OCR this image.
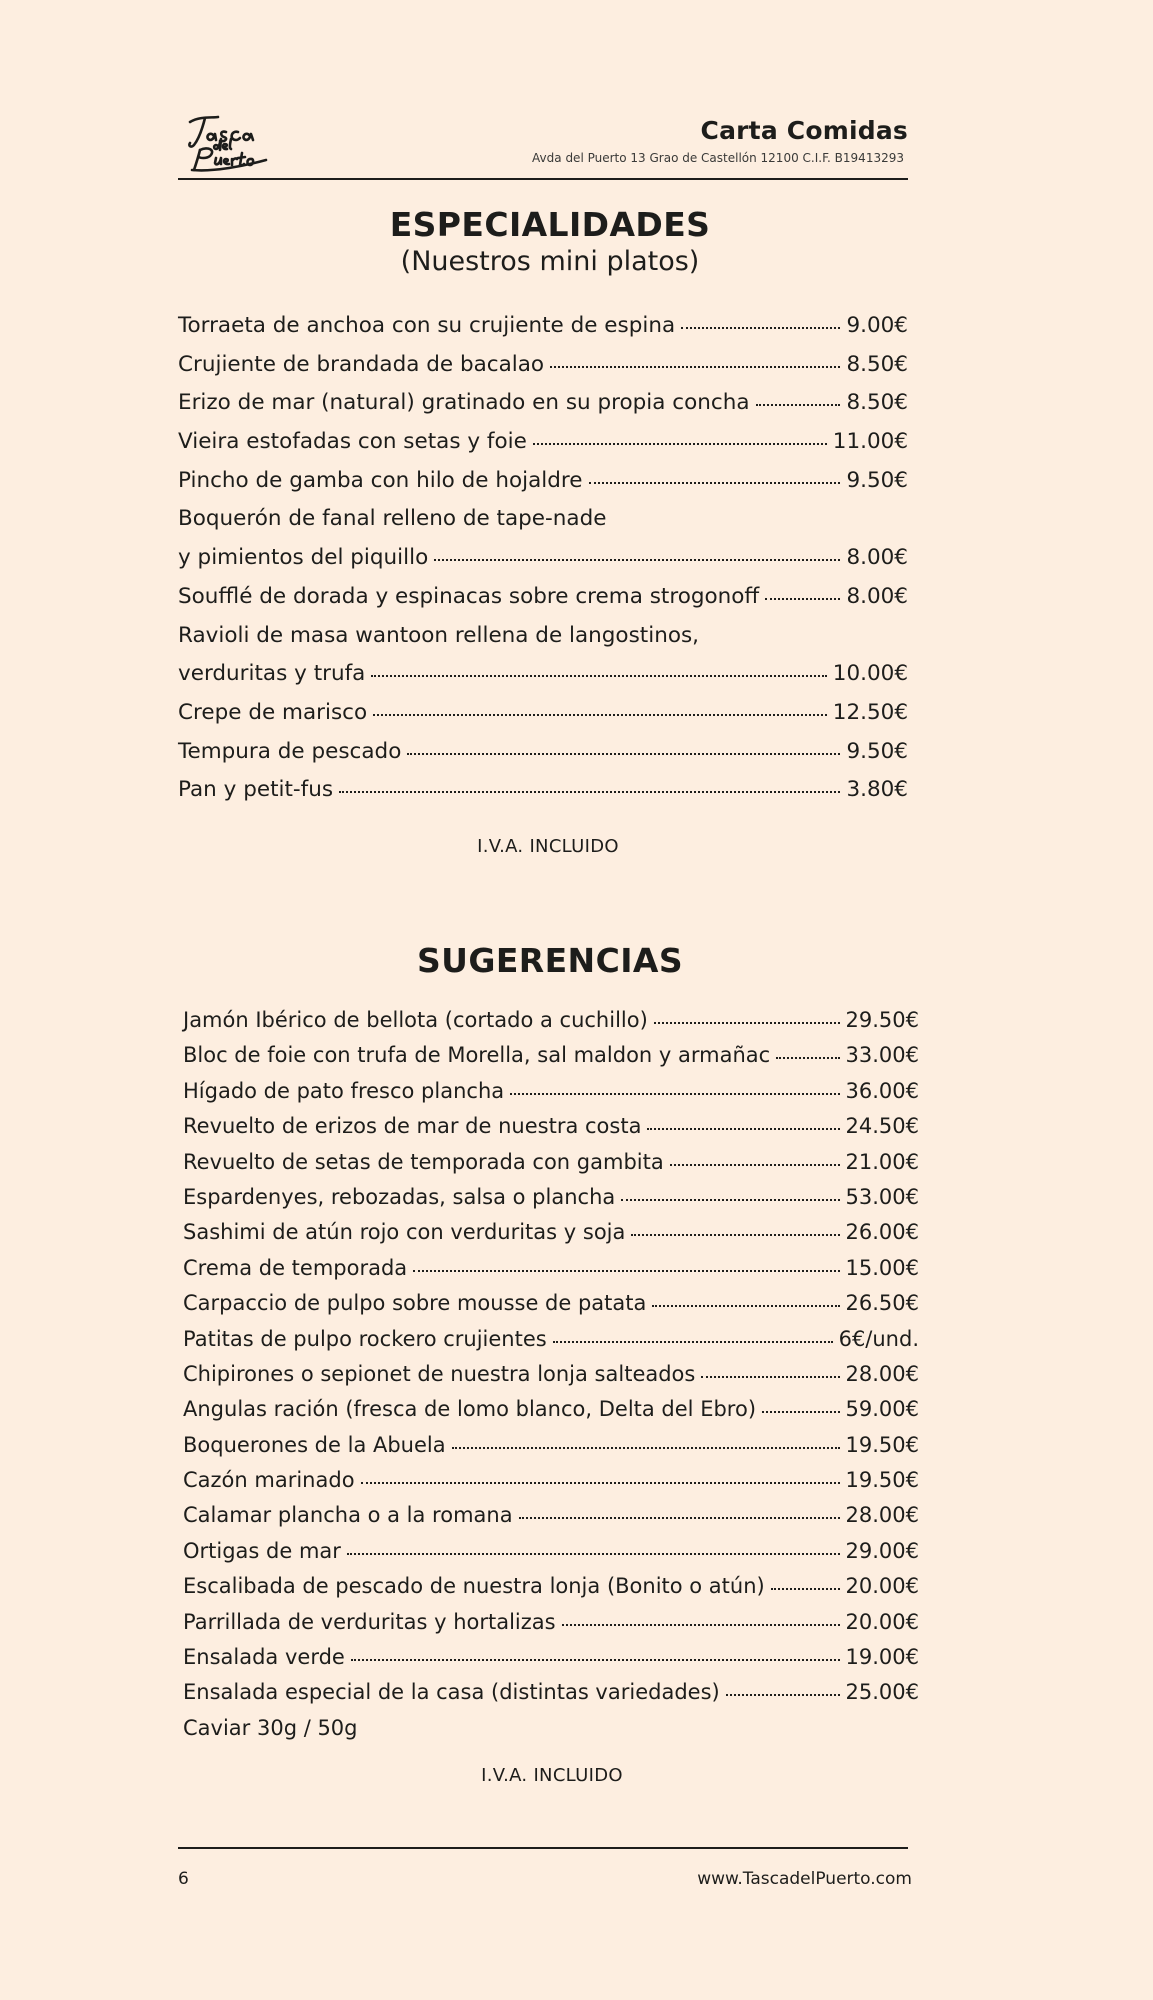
Carta Comidas
Avda del Puerto 13 Grao de Castellón 12100 C.I.F. B19413293
ESPECIALIDADES
(Nuestros mini platos)
Torraeta de anchoa con su crujiente de espina	9.00€
Crujiente de brandada de bacalao	8.50€
Erizo de mar (natural) gratinado en su propia concha	8.50€
Vieira estofadas con setas y foie	11.00€
Pincho de gamba con hilo de hojaldre	9.50€
Boquerón de fanal relleno de tape-nade
y pimientos del piquillo	8.00€
Soufflé de dorada y espinacas sobre crema strogonoff	8.00€
Ravioli de masa wantoon rellena de langostinos,
verduritas y trufa	10.00€
Crepe de marisco	12.50€
Tempura de pescado	9.50€
Pan y petit-fus	3.80€
I.V.A. INCLUIDO
SUGERENCIAS
Jamón Ibérico de bellota (cortado a cuchillo)	29.50€
Bloc de foie con trufa de Morella, sal maldon y armañac	33.00€
Hígado de pato fresco plancha	36.00€
Revuelto de erizos de mar de nuestra costa	24.50€
Revuelto de setas de temporada con gambita	21.00€
Espardenyes, rebozadas, salsa o plancha	53.00€
Sashimi de atún rojo con verduritas y soja	26.00€
Crema de temporada	15.00€
Carpaccio de pulpo sobre mousse de patata	26.50€
Patitas de pulpo rockero crujientes	6€/und.
Chipirones o sepionet de nuestra lonja salteados	28.00€
Angulas ración (fresca de lomo blanco, Delta del Ebro)	59.00€
Boquerones de la Abuela	19.50€
Cazón marinado	19.50€
Calamar plancha o a la romana	28.00€
Ortigas de mar	29.00€
Escalibada de pescado de nuestra lonja (Bonito o atún)	20.00€
Parrillada de verduritas y hortalizas	20.00€
Ensalada verde	19.00€
Ensalada especial de la casa (distintas variedades)	25.00€
Caviar 30g / 50g
I.V.A. INCLUIDO
6	www.TascadelPuerto.com
